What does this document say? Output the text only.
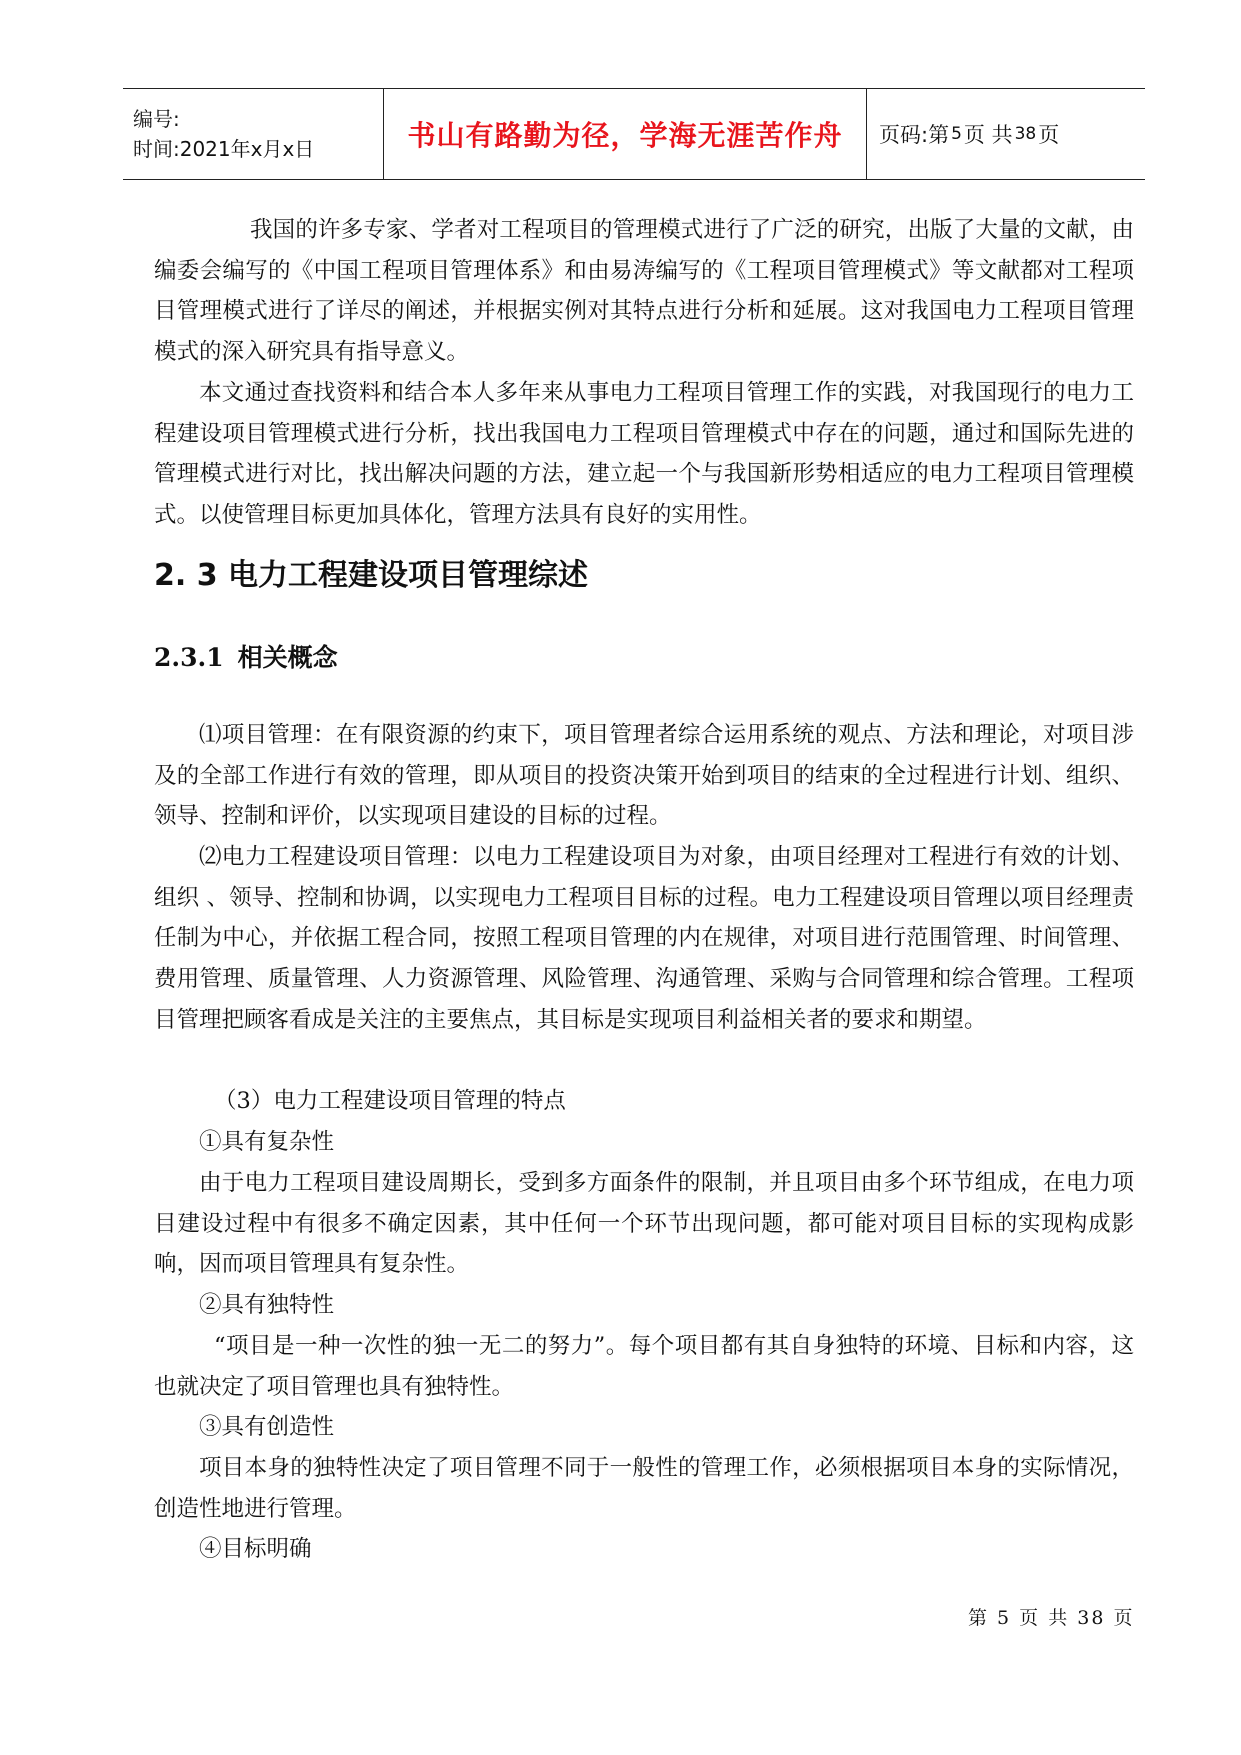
编号:
时间:2021年x月x日	书山有路勤为径，学海无涯苦作舟 页码:第 5 页 共 38 页

我国的许多专家、学者对工程项目的管理模式进行了广泛的研究，出版了大量的文献，由编委会编写的《中国工程项目管理体系》和由易涛编写的《工程项目管理模式》等文献都对工程项目管理模式进行了详尽的阐述，并根据实例对其特点进行分析和延展。这对我国电力工程项目管理模式的深入研究具有指导意义。

本文通过查找资料和结合本人多年来从事电力工程项目管理工作的实践，对我国现行的电力工程建设项目管理模式进行分析，找出我国电力工程项目管理模式中存在的问题，通过和国际先进的管理模式进行对比，找出解决问题的方法，建立起一个与我国新形势相适应的电力工程项目管理模式。以使管理目标更加具体化，管理方法具有良好的实用性。

2. 3 电力工程建设项目管理综述
2.3.1 相关概念

⑴项目管理：在有限资源的约束下，项目管理者综合运用系统的观点、方法和理论，对项目涉及的全部工作进行有效的管理，即从项目的投资决策开始到项目的结束的全过程进行计划、组织、领导、控制和评价，以实现项目建设的目标的过程。

⑵电力工程建设项目管理：以电力工程建设项目为对象，由项目经理对工程进行有效的计划、组织 、领导、控制和协调，以实现电力工程项目目标的过程。电力工程建设项目管理以项目经理责任制为中心，并依据工程合同，按照工程项目管理的内在规律，对项目进行范围管理、时间管理、费用管理、质量管理、人力资源管理、风险管理、沟通管理、采购与合同管理和综合管理。工程项目管理把顾客看成是关注的主要焦点，其目标是实现项目利益相关者的要求和期望。

（3）电力工程建设项目管理的特点

①具有复杂性

由于电力工程项目建设周期长，受到多方面条件的限制，并且项目由多个环节组成，在电力项目建设过程中有很多不确定因素，其中任何一个环节出现问题，都可能对项目目标的实现构成影响，因而项目管理具有复杂性。

②具有独特性

“项目是一种一次性的独一无二的努力”。每个项目都有其自身独特的环境、目标和内容，这也就决定了项目管理也具有独特性。

③具有创造性

项目本身的独特性决定了项目管理不同于一般性的管理工作，必须根据项目本身的实际情况，创造性地进行管理。

④目标明确

第 5 页 共 38 页
